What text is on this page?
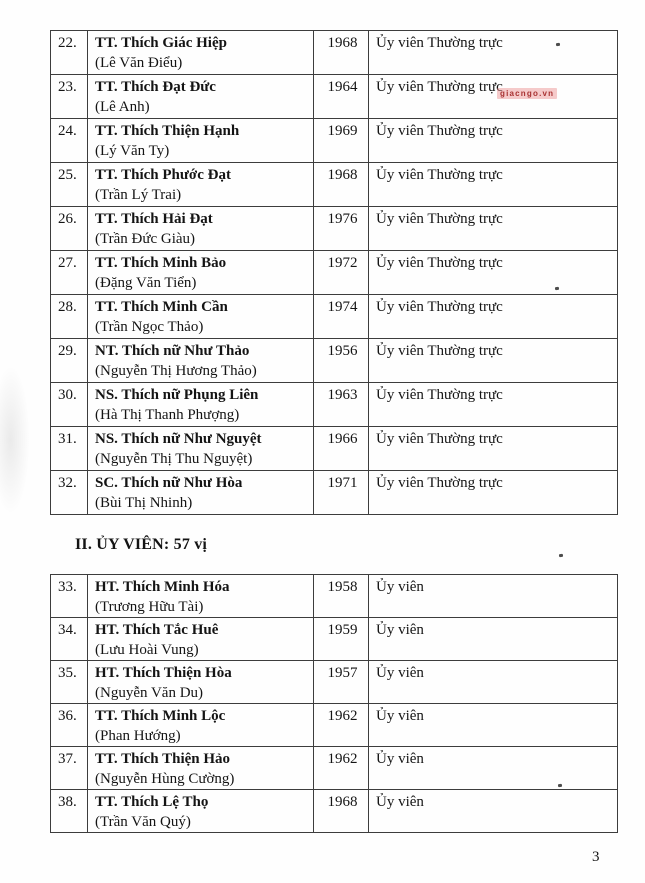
22.	TT. Thích Giác Hiệp
(Lê Văn Điểu)	1968	Ủy viên Thường trực
23.	TT. Thích Đạt Đức
(Lê Anh)	1964	Ủy viên Thường trực
24.	TT. Thích Thiện Hạnh
(Lý Văn Ty)	1969	Ủy viên Thường trực
25.	TT. Thích Phước Đạt
(Trần Lý Trai)	1968	Ủy viên Thường trực
26.	TT. Thích Hải Đạt
(Trần Đức Giàu)	1976	Ủy viên Thường trực
27.	TT. Thích Minh Bảo
(Đặng Văn Tiển)	1972	Ủy viên Thường trực
28.	TT. Thích Minh Cần
(Trần Ngọc Thảo)	1974	Ủy viên Thường trực
29.	NT. Thích nữ Như Thảo
(Nguyễn Thị Hương Thảo)	1956	Ủy viên Thường trực
30.	NS. Thích nữ Phụng Liên
(Hà Thị Thanh Phượng)	1963	Ủy viên Thường trực
31.	NS. Thích nữ Như Nguyệt
(Nguyễn Thị Thu Nguyệt)	1966	Ủy viên Thường trực
32.	SC. Thích nữ Như Hòa
(Bùi Thị Nhinh)	1971	Ủy viên Thường trực
II. ỦY VIÊN: 57 vị
33.	HT. Thích Minh Hóa
(Trương Hữu Tài)	1958	Ủy viên
34.	HT. Thích Tắc Huê
(Lưu Hoài Vung)	1959	Ủy viên
35.	HT. Thích Thiện Hòa
(Nguyễn Văn Du)	1957	Ủy viên
36.	TT. Thích Minh Lộc
(Phan Hướng)	1962	Ủy viên
37.	TT. Thích Thiện Hảo
(Nguyễn Hùng Cường)	1962	Ủy viên
38.	TT. Thích Lệ Thọ
(Trần Văn Quý)	1968	Ủy viên
giacngo.vn
3
